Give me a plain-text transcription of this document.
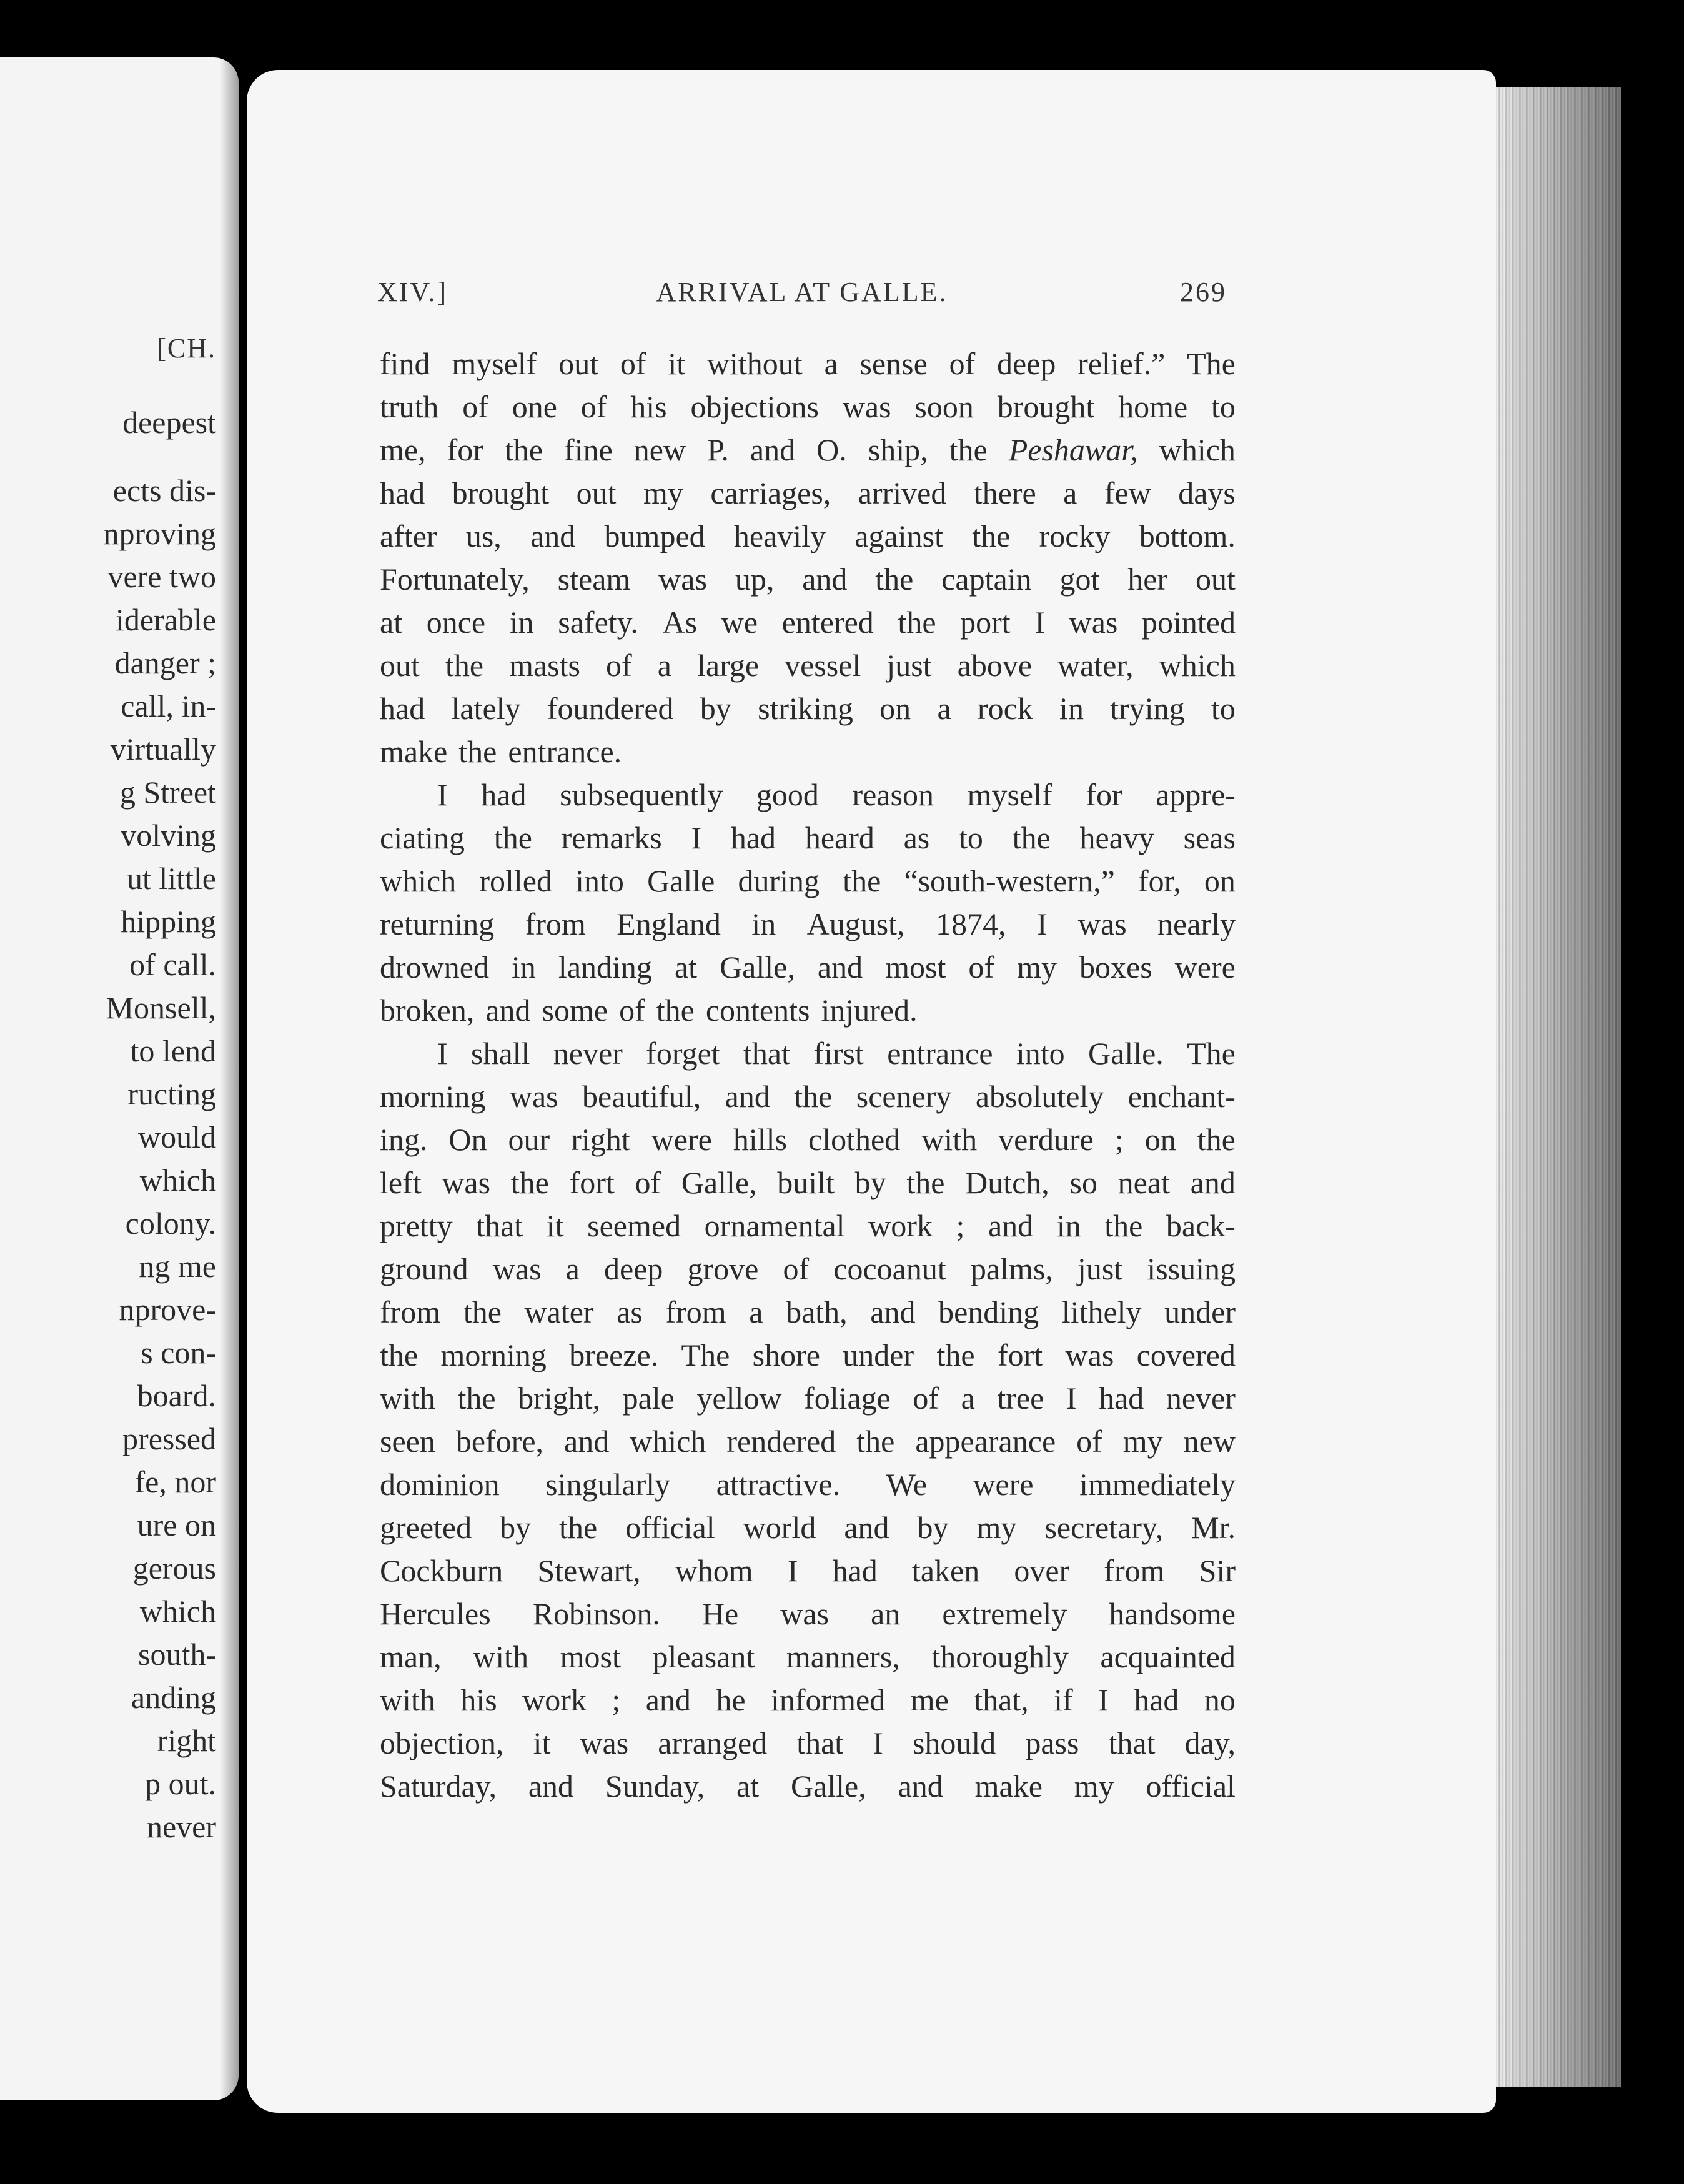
[CH.
deepest
ects dis-
nproving
vere two
iderable
danger ;
call, in-
virtually
g Street
volving
ut little
hipping
of call.
Monsell,
to lend
ructing
would
which
colony.
ng me
nprove-
s con-
board.
pressed
fe, nor
ure on
gerous
which
south-
anding
right
p out.
never
XIV.]	ARRIVAL AT GALLE.	269
find myself out of it without a sense of deep relief.” The
truth of one of his objections was soon brought home to
me, for the fine new P. and O. ship, the Peshawar, which
had brought out my carriages, arrived there a few days
after us, and bumped heavily against the rocky bottom.
Fortunately, steam was up, and the captain got her out
at once in safety. As we entered the port I was pointed
out the masts of a large vessel just above water, which
had lately foundered by striking on a rock in trying to
make the entrance.
I had subsequently good reason myself for appre-
ciating the remarks I had heard as to the heavy seas
which rolled into Galle during the “south-western,” for, on
returning from England in August, 1874, I was nearly
drowned in landing at Galle, and most of my boxes were
broken, and some of the contents injured.
I shall never forget that first entrance into Galle. The
morning was beautiful, and the scenery absolutely enchant-
ing. On our right were hills clothed with verdure ; on the
left was the fort of Galle, built by the Dutch, so neat and
pretty that it seemed ornamental work ; and in the back-
ground was a deep grove of cocoanut palms, just issuing
from the water as from a bath, and bending lithely under
the morning breeze. The shore under the fort was covered
with the bright, pale yellow foliage of a tree I had never
seen before, and which rendered the appearance of my new
dominion singularly attractive. We were immediately
greeted by the official world and by my secretary, Mr.
Cockburn Stewart, whom I had taken over from Sir
Hercules Robinson. He was an extremely handsome
man, with most pleasant manners, thoroughly acquainted
with his work ; and he informed me that, if I had no
objection, it was arranged that I should pass that day,
Saturday, and Sunday, at Galle, and make my official
